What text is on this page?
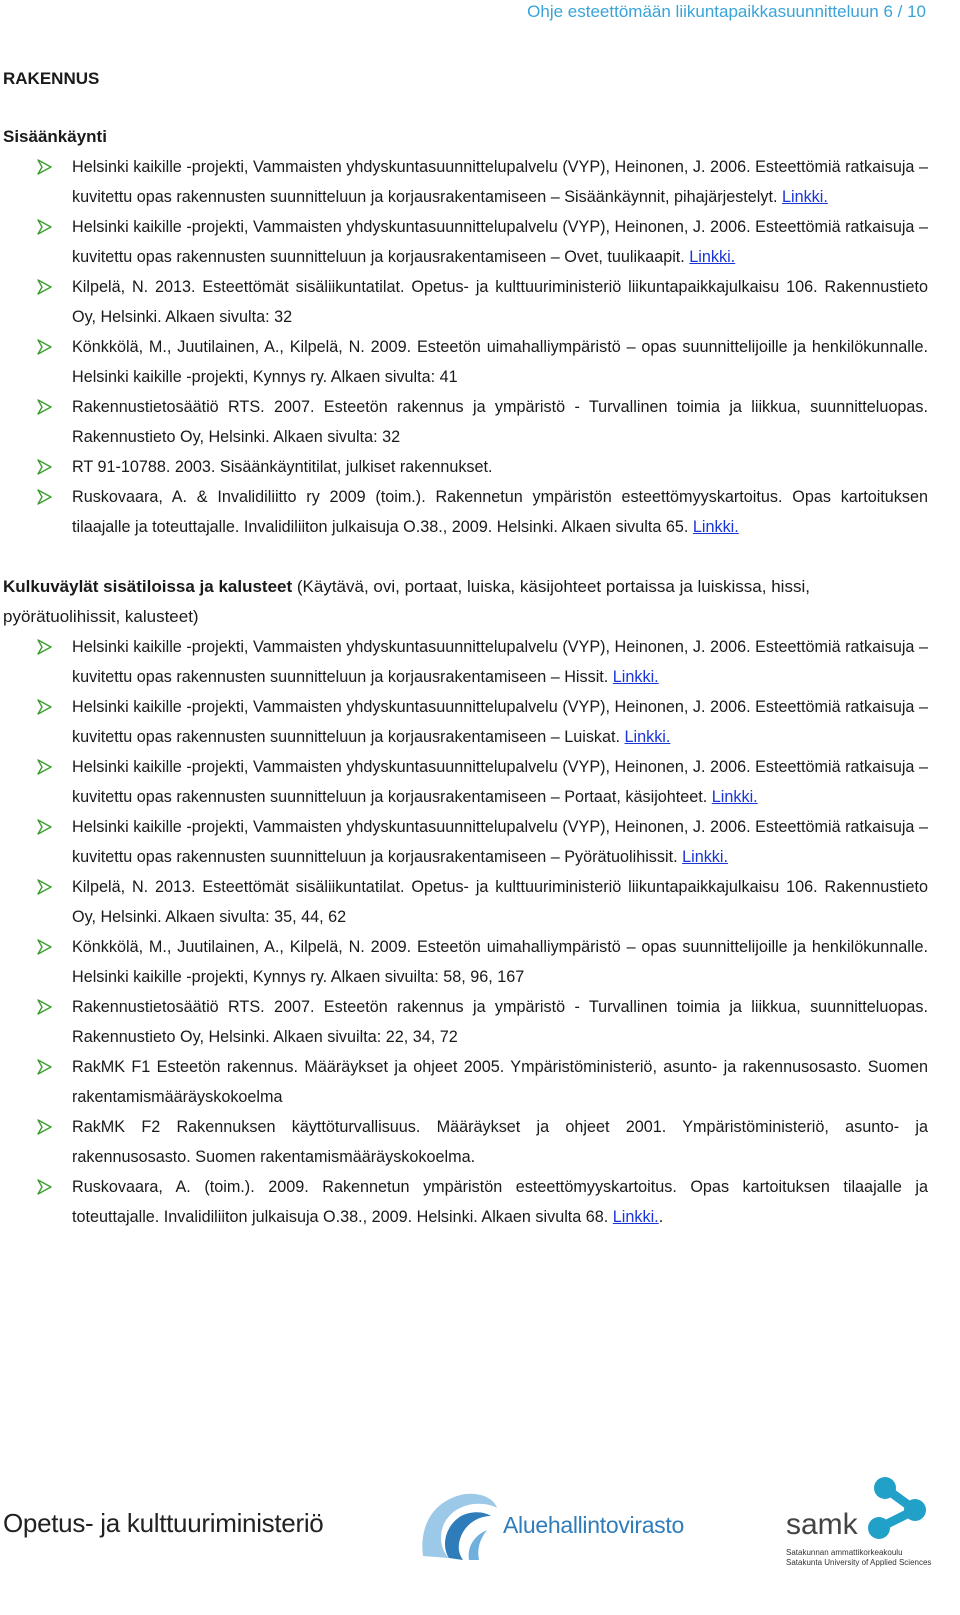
Ohje esteettömään liikuntapaikkasuunnitteluun 6 / 10
RAKENNUS
Sisäänkäynti
Helsinki kaikille -projekti, Vammaisten yhdyskuntasuunnittelupalvelu (VYP), Heinonen, J. 2006. Esteettömiä ratkaisuja – kuvitettu opas rakennusten suunnitteluun ja korjausrakentamiseen – Sisäänkäynnit, pihajärjestelyt. Linkki.
Helsinki kaikille -projekti, Vammaisten yhdyskuntasuunnittelupalvelu (VYP), Heinonen, J. 2006. Esteettömiä ratkaisuja – kuvitettu opas rakennusten suunnitteluun ja korjausrakentamiseen – Ovet, tuulikaapit. Linkki.
Kilpelä, N. 2013. Esteettömät sisäliikuntatilat. Opetus- ja kulttuuriministeriö liikuntapaikkajulkaisu 106. Rakennustieto Oy, Helsinki. Alkaen sivulta: 32
Könkkölä, M., Juutilainen, A., Kilpelä, N. 2009. Esteetön uimahalliympäristö – opas suunnittelijoille ja henkilökunnalle. Helsinki kaikille -projekti, Kynnys ry. Alkaen sivulta: 41
Rakennustietosäätiö RTS. 2007. Esteetön rakennus ja ympäristö - Turvallinen toimia ja liikkua, suunnitteluopas. Rakennustieto Oy, Helsinki. Alkaen sivulta: 32
RT 91-10788. 2003. Sisäänkäyntitilat, julkiset rakennukset.
Ruskovaara, A. & Invalidiliitto ry 2009 (toim.). Rakennetun ympäristön esteettömyyskartoitus. Opas kartoituksen tilaajalle ja toteuttajalle. Invalidiliiton julkaisuja O.38., 2009. Helsinki. Alkaen sivulta 65. Linkki.
Kulkuväylät sisätiloissa ja kalusteet (Käytävä, ovi, portaat, luiska, käsijohteet portaissa ja luiskissa, hissi, pyörätuolihissit, kalusteet)
Helsinki kaikille -projekti, Vammaisten yhdyskuntasuunnittelupalvelu (VYP), Heinonen, J. 2006. Esteettömiä ratkaisuja – kuvitettu opas rakennusten suunnitteluun ja korjausrakentamiseen – Hissit. Linkki.
Helsinki kaikille -projekti, Vammaisten yhdyskuntasuunnittelupalvelu (VYP), Heinonen, J. 2006. Esteettömiä ratkaisuja – kuvitettu opas rakennusten suunnitteluun ja korjausrakentamiseen – Luiskat. Linkki.
Helsinki kaikille -projekti, Vammaisten yhdyskuntasuunnittelupalvelu (VYP), Heinonen, J. 2006. Esteettömiä ratkaisuja – kuvitettu opas rakennusten suunnitteluun ja korjausrakentamiseen – Portaat, käsijohteet. Linkki.
Helsinki kaikille -projekti, Vammaisten yhdyskuntasuunnittelupalvelu (VYP), Heinonen, J. 2006. Esteettömiä ratkaisuja – kuvitettu opas rakennusten suunnitteluun ja korjausrakentamiseen – Pyörätuolihissit. Linkki.
Kilpelä, N. 2013. Esteettömät sisäliikuntatilat. Opetus- ja kulttuuriministeriö liikuntapaikkajulkaisu 106. Rakennustieto Oy, Helsinki. Alkaen sivulta: 35, 44, 62
Könkkölä, M., Juutilainen, A., Kilpelä, N. 2009. Esteetön uimahalliympäristö – opas suunnittelijoille ja henkilökunnalle. Helsinki kaikille -projekti, Kynnys ry. Alkaen sivuilta: 58, 96, 167
Rakennustietosäätiö RTS. 2007. Esteetön rakennus ja ympäristö - Turvallinen toimia ja liikkua, suunnitteluopas. Rakennustieto Oy, Helsinki. Alkaen sivuilta: 22, 34, 72
RakMK F1 Esteetön rakennus. Määräykset ja ohjeet 2005. Ympäristöministeriö, asunto- ja rakennusosasto. Suomen rakentamismääräyskokoelma
RakMK F2 Rakennuksen käyttöturvallisuus. Määräykset ja ohjeet 2001. Ympäristöministeriö, asunto- ja rakennusosasto. Suomen rakentamismääräyskokoelma.
Ruskovaara, A. (toim.). 2009. Rakennetun ympäristön esteettömyyskartoitus. Opas kartoituksen tilaajalle ja toteuttajalle. Invalidiliiton julkaisuja O.38., 2009. Helsinki. Alkaen sivulta 68. Linkki..
Opetus- ja kulttuuriministeriö	Aluehallintovirasto	samk
Satakunnan ammattikorkeakoulu Satakunta University of Applied Sciences
